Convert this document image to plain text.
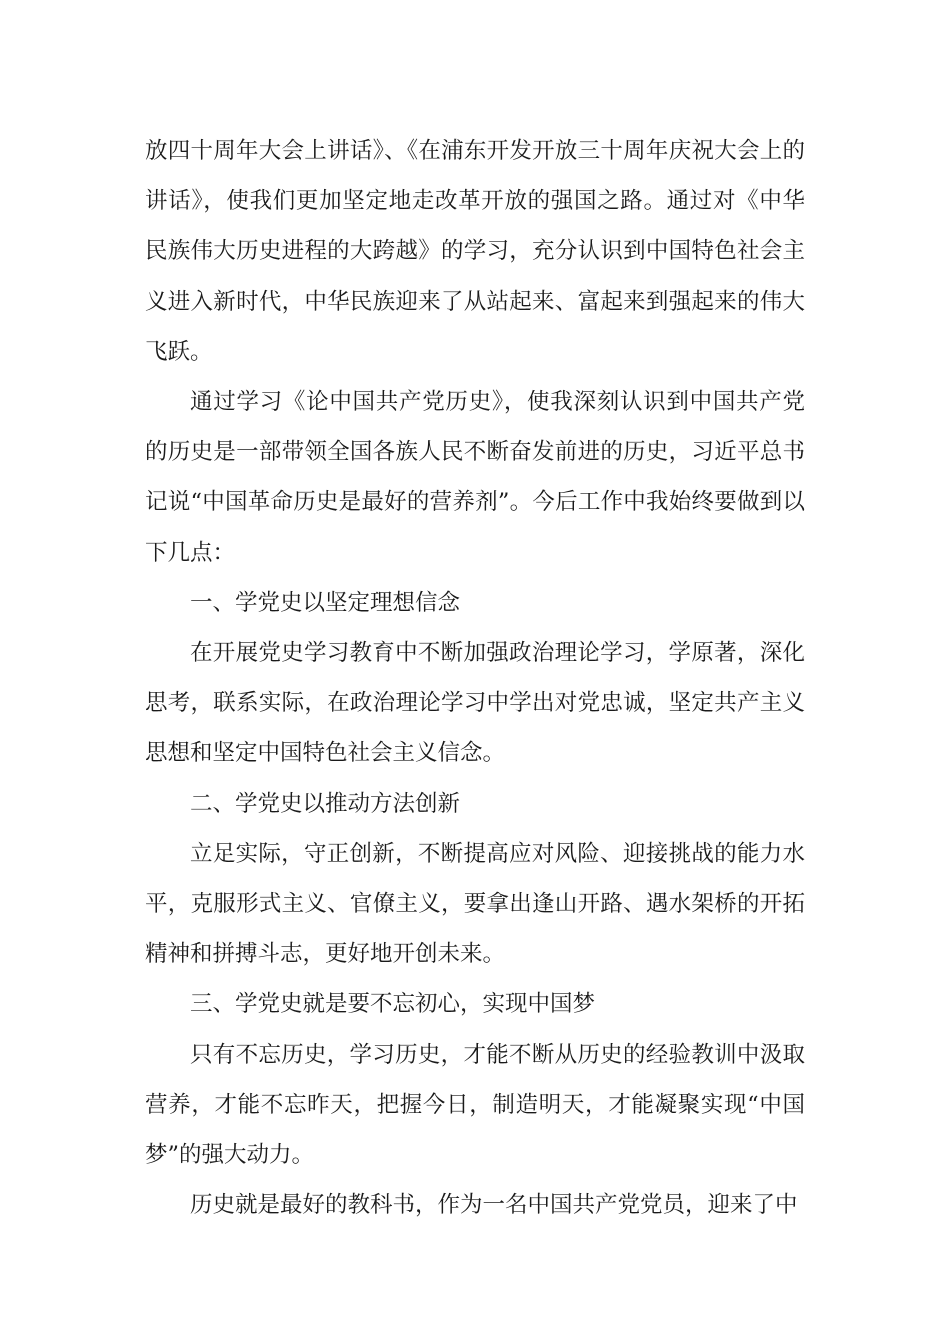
放四十周年大会上讲话》、《在浦东开发开放三十周年庆祝大会上的讲话》，使我们更加坚定地走改革开放的强国之路。通过对《中华民族伟大历史进程的大跨越》的学习，充分认识到中国特色社会主义进入新时代，中华民族迎来了从站起来、富起来到强起来的伟大飞跃。

通过学习《论中国共产党历史》，使我深刻认识到中国共产党的历史是一部带领全国各族人民不断奋发前进的历史，习近平总书记说“中国革命历史是最好的营养剂”。今后工作中我始终要做到以下几点：

一、学党史以坚定理想信念

在开展党史学习教育中不断加强政治理论学习，学原著，深化思考，联系实际，在政治理论学习中学出对党忠诚，坚定共产主义思想和坚定中国特色社会主义信念。

二、学党史以推动方法创新

立足实际，守正创新，不断提高应对风险、迎接挑战的能力水平，克服形式主义、官僚主义，要拿出逢山开路、遇水架桥的开拓精神和拼搏斗志，更好地开创未来。

三、学党史就是要不忘初心，实现中国梦

只有不忘历史，学习历史，才能不断从历史的经验教训中汲取营养，才能不忘昨天，把握今日，制造明天，才能凝聚实现“中国梦”的强大动力。

历史就是最好的教科书，作为一名中国共产党党员，迎来了中
